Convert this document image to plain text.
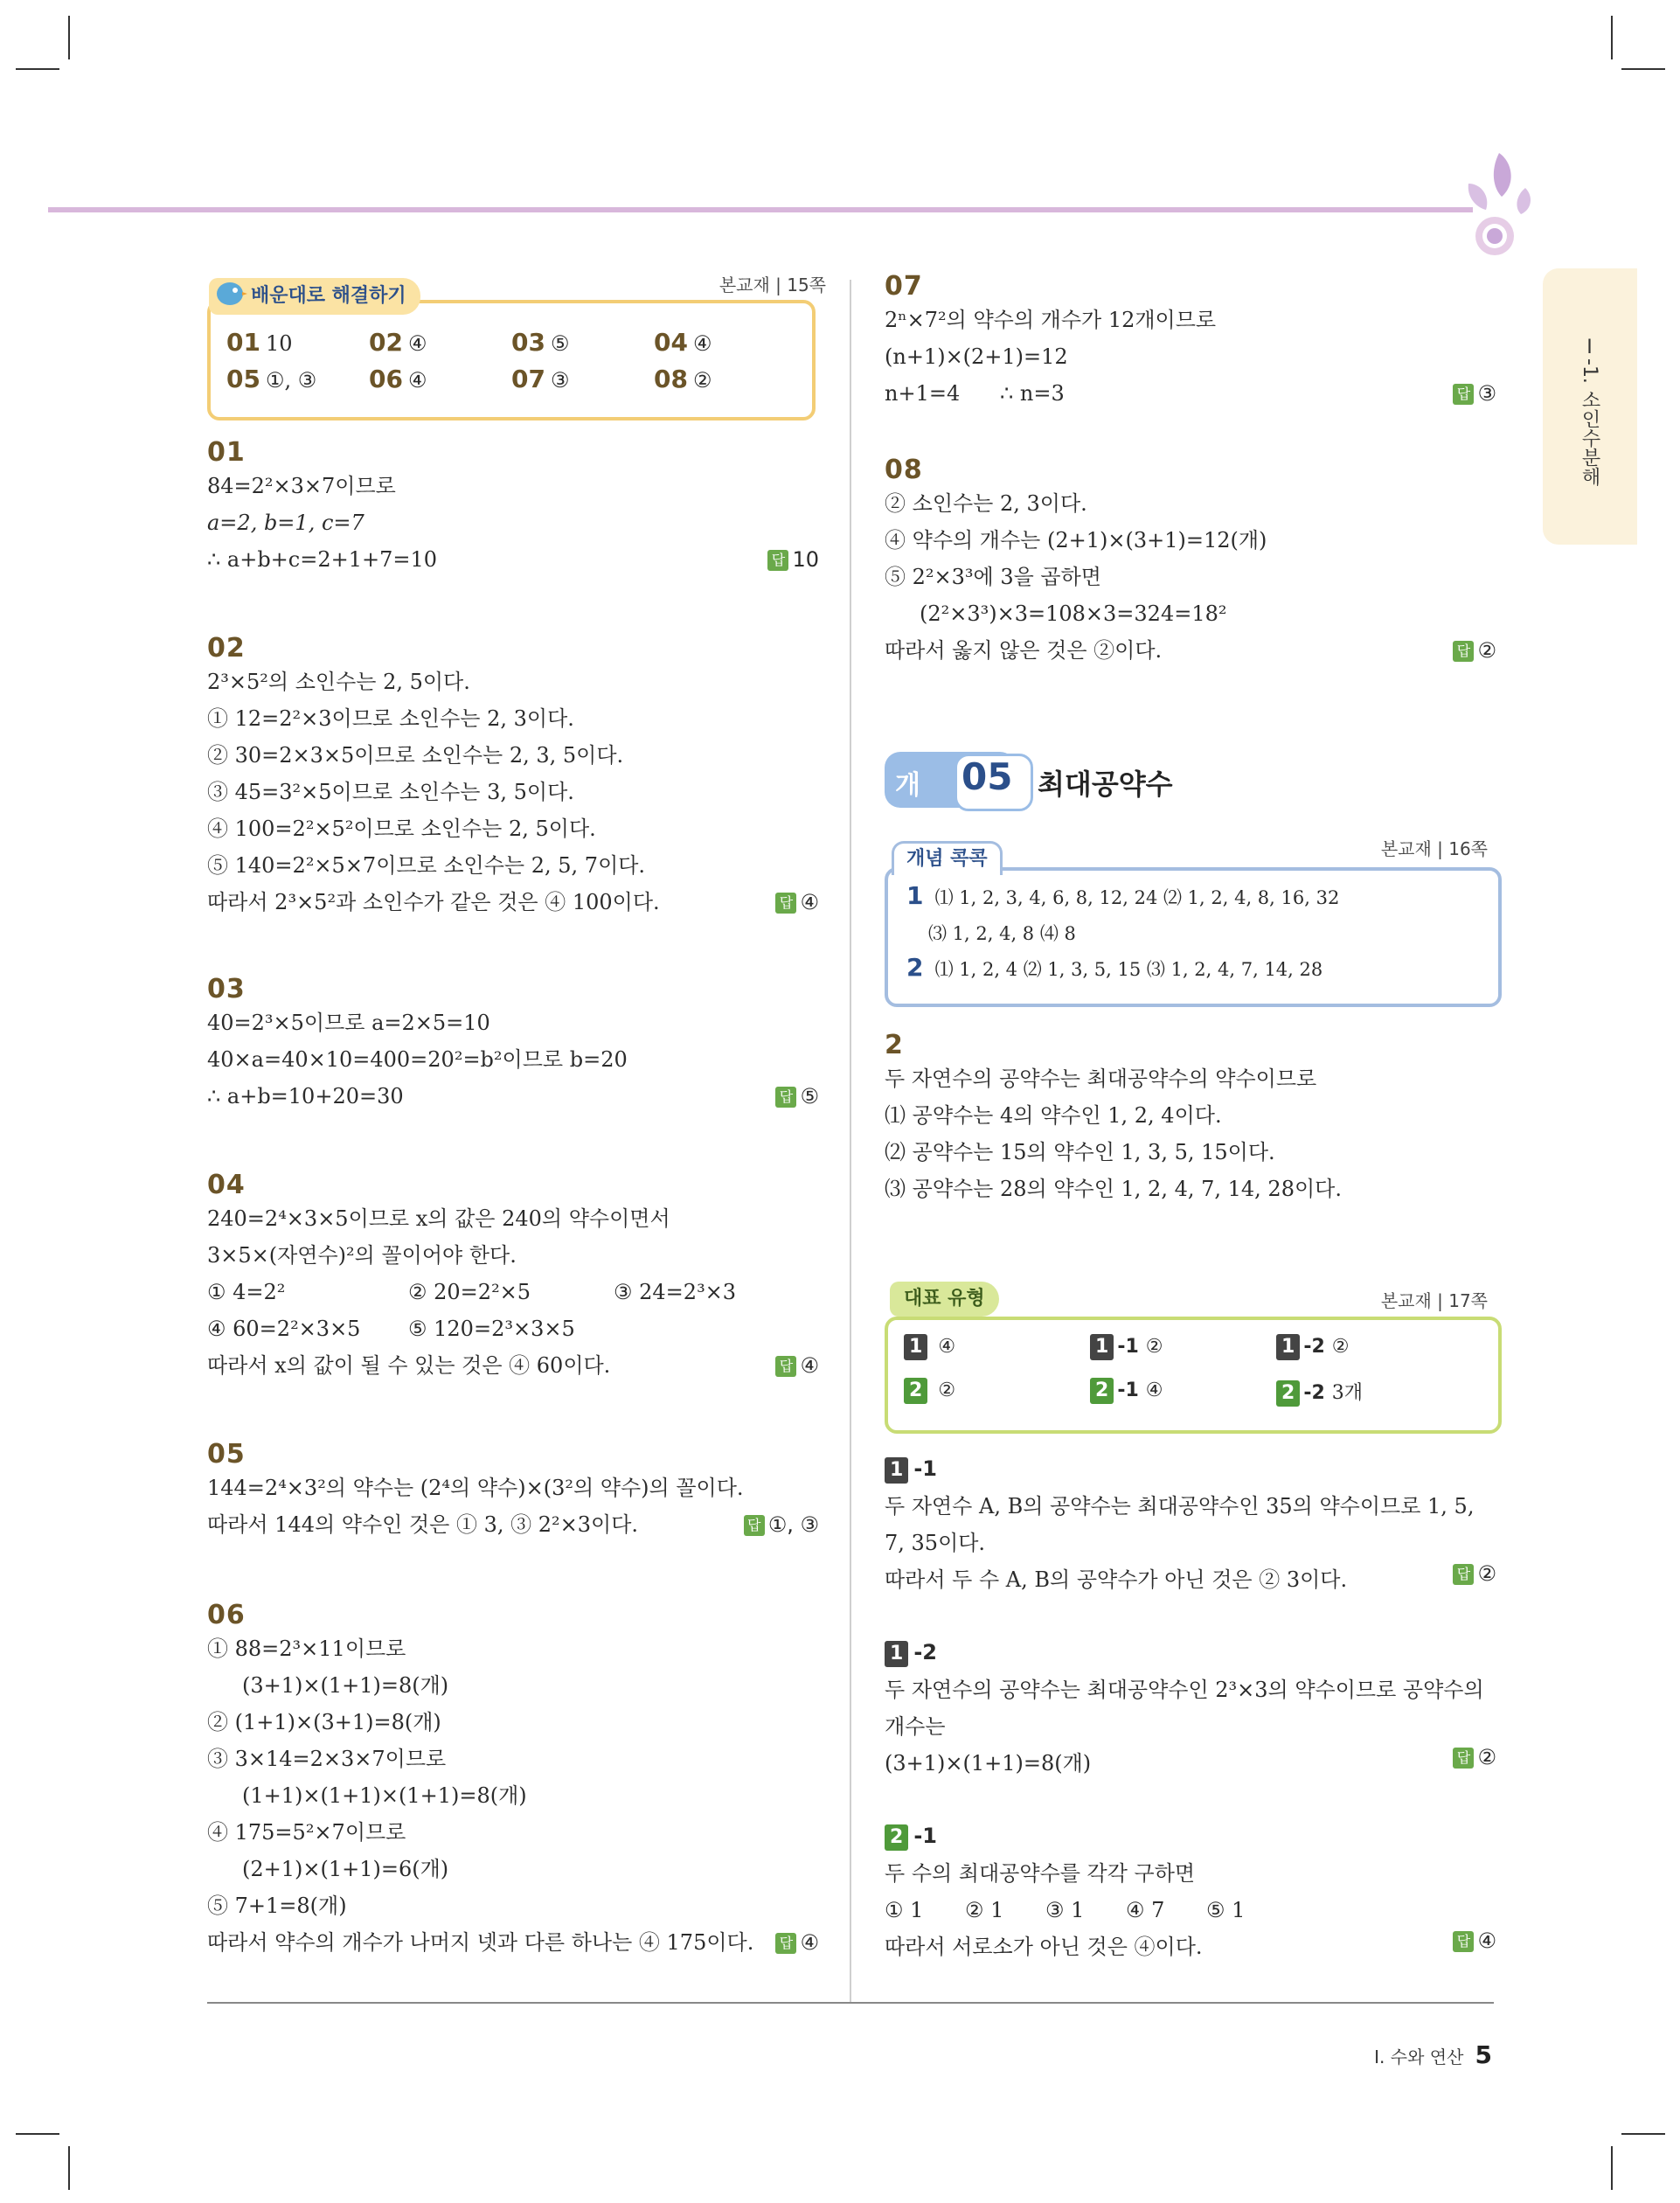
Ⅰ-1. 소인수분해
본교재 | 15쪽
배운대로 해결하기
01 10	02 ④	03 ⑤	04 ④
05 ①, ③ 06 ④	07 ③	08 ②
01
84=2²×3×7이므로
a=2, b=1, c=7
∴ a+b+c=2+1+7=10	답 10
02
2³×5²의 소인수는 2, 5이다.
① 12=2²×3이므로 소인수는 2, 3이다.
② 30=2×3×5이므로 소인수는 2, 3, 5이다.
③ 45=3²×5이므로 소인수는 3, 5이다.
④ 100=2²×5²이므로 소인수는 2, 5이다.
⑤ 140=2²×5×7이므로 소인수는 2, 5, 7이다.
따라서 2³×5²과 소인수가 같은 것은 ④ 100이다.	답 ④
03
40=2³×5이므로 a=2×5=10
40×a=40×10=400=20²=b²이므로 b=20
∴ a+b=10+20=30	답 ⑤
04
240=2⁴×3×5이므로 x의 값은 240의 약수이면서
3×5×(자연수)²의 꼴이어야 한다.
① 4=2²	② 20=2²×5	③ 24=2³×3
④ 60=2²×3×5 ⑤ 120=2³×3×5
따라서 x의 값이 될 수 있는 것은 ④ 60이다.	답 ④
05
144=2⁴×3²의 약수는 (2⁴의 약수)×(3²의 약수)의 꼴이다.
따라서 144의 약수인 것은 ① 3, ③ 2²×3이다.	답 ①, ③
06
① 88=2³×11이므로
(3+1)×(1+1)=8(개)
② (1+1)×(3+1)=8(개)
③ 3×14=2×3×7이므로
(1+1)×(1+1)×(1+1)=8(개)
④ 175=5²×7이므로
(2+1)×(1+1)=6(개)
⑤ 7+1=8(개)
따라서 약수의 개수가 나머지 넷과 다른 하나는 ④ 175이다.	답 ④
07
2ⁿ×7²의 약수의 개수가 12개이므로
(n+1)×(2+1)=12
n+1=4      ∴ n=3	답 ③
08
② 소인수는 2, 3이다.
④ 약수의 개수는 (2+1)×(3+1)=12(개)
⑤ 2²×3³에 3을 곱하면
(2²×3³)×3=108×3=324=18²
따라서 옳지 않은 것은 ②이다.	답 ②
개념
05 최대공약수
본교재 | 16쪽
개념 콕콕
1 ⑴ 1, 2, 3, 4, 6, 8, 12, 24 ⑵ 1, 2, 4, 8, 16, 32
⑶ 1, 2, 4, 8 ⑷ 8
2 ⑴ 1, 2, 4 ⑵ 1, 3, 5, 15 ⑶ 1, 2, 4, 7, 14, 28
2
두 자연수의 공약수는 최대공약수의 약수이므로
⑴ 공약수는 4의 약수인 1, 2, 4이다.
⑵ 공약수는 15의 약수인 1, 3, 5, 15이다.
⑶ 공약수는 28의 약수인 1, 2, 4, 7, 14, 28이다.
본교재 | 17쪽
대표 유형
1 ④	1 -1 ②	1 -2 ②
2 ②	2 -1 ④	2 -2 3개
1 -1
두 자연수 A, B의 공약수는 최대공약수인 35의 약수이므로 1, 5,
7, 35이다.
따라서 두 수 A, B의 공약수가 아닌 것은 ② 3이다.	답 ②
1 -2
두 자연수의 공약수는 최대공약수인 2³×3의 약수이므로 공약수의
개수는
(3+1)×(1+1)=8(개)	답 ②
2 -1
두 수의 최대공약수를 각각 구하면
① 1 ② 1 ③ 1 ④ 7 ⑤ 1
따라서 서로소가 아닌 것은 ④이다.	답 ④
Ⅰ. 수와 연산 5
